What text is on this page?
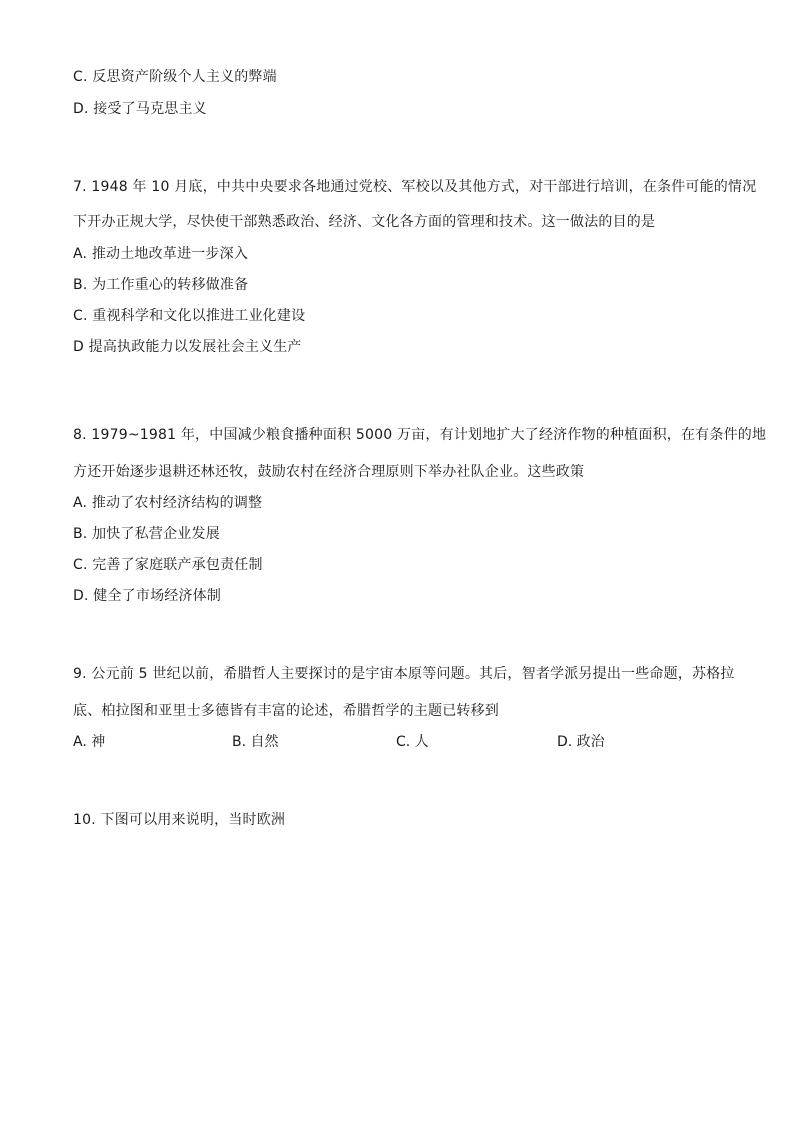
C. 反思资产阶级个人主义的弊端
D. 接受了马克思主义
7. 1948 年 10 月底，中共中央要求各地通过党校、军校以及其他方式，对干部进行培训，在条件可能的情况
下开办正规大学，尽快使干部熟悉政治、经济、文化各方面的管理和技术。这一做法的目的是
A. 推动土地改革进一步深入
B. 为工作重心的转移做准备
C. 重视科学和文化以推进工业化建设
D 提高执政能力以发展社会主义生产
8. 1979~1981 年，中国减少粮食播种面积 5000 万亩，有计划地扩大了经济作物的种植面积，在有条件的地
方还开始逐步退耕还林还牧，鼓励农村在经济合理原则下举办社队企业。这些政策
A. 推动了农村经济结构的调整
B. 加快了私营企业发展
C. 完善了家庭联产承包责任制
D. 健全了市场经济体制
9. 公元前 5 世纪以前，希腊哲人主要探讨的是宇宙本原等问题。其后，智者学派另提出一些命题，苏格拉
底、柏拉图和亚里士多德皆有丰富的论述，希腊哲学的主题已转移到
A. 神	B. 自然	C. 人	D. 政治
10. 下图可以用来说明，当时欧洲
